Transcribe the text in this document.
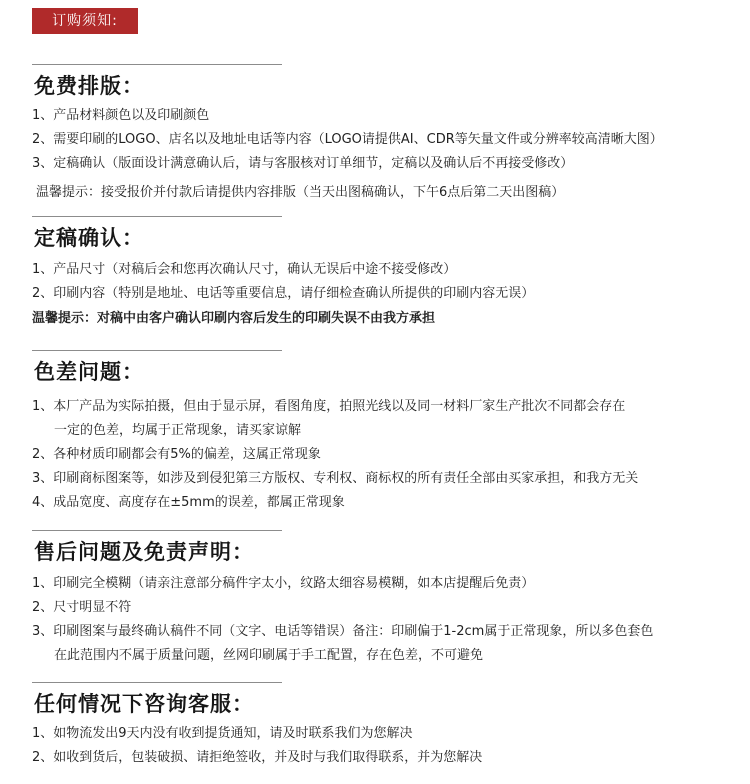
订购须知:
免费排版：
1、产品材料颜色以及印刷颜色
2、需要印刷的LOGO、店名以及地址电话等内容（LOGO请提供AI、CDR等矢量文件或分辨率较高清晰大图）
3、定稿确认（版面设计满意确认后，请与客服核对订单细节，定稿以及确认后不再接受修改）
温馨提示：接受报价并付款后请提供内容排版（当天出图稿确认，下午6点后第二天出图稿）
定稿确认：
1、产品尺寸（对稿后会和您再次确认尺寸，确认无误后中途不接受修改）
2、印刷内容（特别是地址、电话等重要信息，请仔细检查确认所提供的印刷内容无误）
温馨提示：对稿中由客户确认印刷内容后发生的印刷失误不由我方承担
色差问题：
1、本厂产品为实际拍摄，但由于显示屏，看图角度，拍照光线以及同一材料厂家生产批次不同都会存在
一定的色差，均属于正常现象，请买家谅解
2、各种材质印刷都会有5%的偏差，这属正常现象
3、印刷商标图案等，如涉及到侵犯第三方版权、专利权、商标权的所有责任全部由买家承担，和我方无关
4、成品宽度、高度存在±5mm的误差，都属正常现象
售后问题及免责声明：
1、印刷完全模糊（请亲注意部分稿件字太小，纹路太细容易模糊，如本店提醒后免责）
2、尺寸明显不符
3、印刷图案与最终确认稿件不同（文字、电话等错误）备注：印刷偏于1-2cm属于正常现象，所以多色套色
在此范围内不属于质量问题，丝网印刷属于手工配置，存在色差，不可避免
任何情况下咨询客服：
1、如物流发出9天内没有收到提货通知，请及时联系我们为您解决
2、如收到货后，包装破损、请拒绝签收，并及时与我们取得联系，并为您解决
